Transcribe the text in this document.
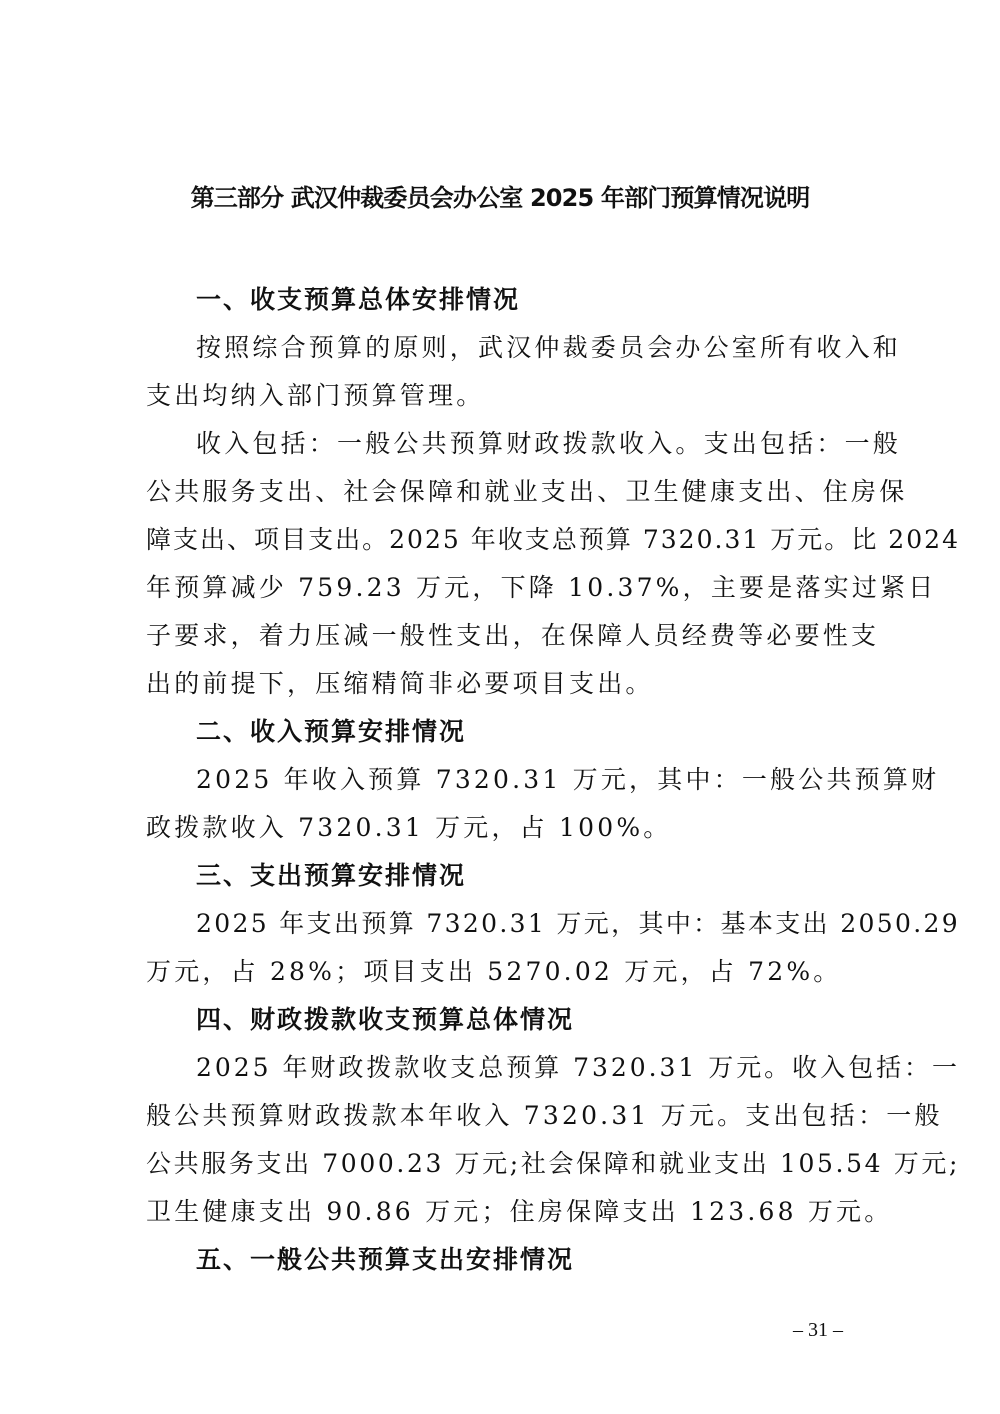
第三部分 武汉仲裁委员会办公室 2025 年部门预算情况说明
一、收支预算总体安排情况
按照综合预算的原则，武汉仲裁委员会办公室所有收入和
支出均纳入部门预算管理。
收入包括：一般公共预算财政拨款收入。支出包括：一般
公共服务支出、社会保障和就业支出、卫生健康支出、住房保
障支出、项目支出。2025 年收支总预算 7320.31 万元。比 2024
年预算减少 759.23 万元，下降 10.37%，主要是落实过紧日
子要求，着力压减一般性支出，在保障人员经费等必要性支
出的前提下，压缩精简非必要项目支出。
二、收入预算安排情况
2025 年收入预算 7320.31 万元，其中：一般公共预算财
政拨款收入 7320.31 万元，占 100%。
三、支出预算安排情况
2025 年支出预算 7320.31 万元，其中：基本支出 2050.29
万元，占 28%；项目支出 5270.02 万元，占 72%。
四、财政拨款收支预算总体情况
2025 年财政拨款收支总预算 7320.31 万元。收入包括：一
般公共预算财政拨款本年收入 7320.31 万元。支出包括：一般
公共服务支出 7000.23 万元;社会保障和就业支出 105.54 万元;
卫生健康支出 90.86 万元；住房保障支出 123.68 万元。
五、一般公共预算支出安排情况
– 31 –
